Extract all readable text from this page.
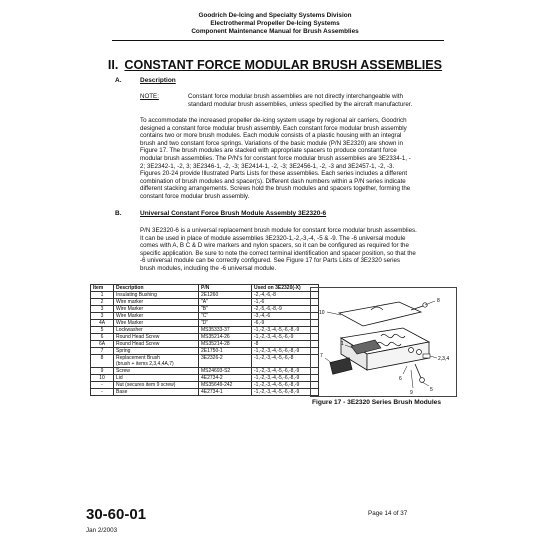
Goodrich De-Icing and Specialty Systems Division
Electrothermal Propeller De-Icing Systems
Component Maintenance Manual for Brush Assemblies
II. CONSTANT FORCE MODULAR BRUSH ASSEMBLIES
A.	Description
NOTE:	Constant force modular brush assemblies are not directly interchangeable with
standard modular brush assemblies, unless specified by the aircraft manufacturer.
To accommodate the increased propeller de-icing system usage by regional air carriers, Goodrich
designed a constant force modular brush assembly. Each constant force modular brush assembly
contains two or more brush modules. Each module consists of a plastic housing with an integral
brush and two constant force springs. Variations of the basic module (P/N 3E2320) are shown in
Figure 17. The brush modules are stacked with appropriate spacers to produce constant force
modular brush assemblies. The P/N's for constant force modular brush assemblies are 3E2334-1, -
2; 3E2342-1, -2, 3; 3E2346-1, -2, -3; 3E2414-1, -2, -3; 3E2456-1, -2, -3 and 3E2457-1, -2, -3.
Figures 20-24 provide Illustrated Parts Lists for these assemblies. Each series includes a different
combination of brush modules and spacer(s). Different dash numbers within a P/N series indicate
different stacking arrangements. Screws hold the brush modules and spacers together, forming the
constant force modular brush assembly.
B.	Universal Constant Force Brush Module Assembly 3E2320-6
P/N 3E2320-6 is a universal replacement brush module for constant force modular brush assemblies.
It can be used in place of module assemblies 3E2320-1,-2,-3,-4, -5 & -9. The -6 universal module
comes with A, B C & D wire markers and nylon spacers, so it can be configured as required for the
specific application. Be sure to note the correct terminal identification and spacer position, so that the
-6 universal module can be correctly configured. See Figure 17 for Parts Lists of 3E2320 series
brush modules, including the -6 universal module.
Item	Description	P/N	Used on 3E2320(-X)
1	Insulating Bushing	2E1260	-2,-4,-6,-8
2	Wire marker	"A"	-1,-6
3	Wire Marker	"B"	-2,-5,-6,-8,-9
3	Wire Marker	"C"	-3,-4,-6
4A	Wire Marker	"D"	-6,-9
5	Lockwasher	MS35333-37	-1,-2,-3,-4,-5,-6,-8,-9
6	Round Head Screw	MS35214-26	-1,-2,-3,-4,-5,-6,-9
6A	Round Head Screw	MS35214-28	-8
7	Spring	2E1750-1	-1,-2,-3,-4,-5,-6,-8,-9
8	Replacement Brush
(brush + items 2,3,4,4A,7)	3E2326-2	-1,-2,-3,-4,-5,-6,-8
9	Screw	MS24693-S2	-1,-2,-3,-4,-5,-6,-8,-9
10	Lid	4E2734-2	-1,-2,-3,-4,-5,-6,-8,-9
-	Nut (secures item 9 screw)	MS35649-242	-1,-2,-3,-4,-5,-6,-8,-9
-	Base	4E2734-1	-1,-2,-3,-4,-5,-6,-8,-9
8
10
1
2,3,4
6
5
7
9
Figure 17 - 3E2320 Series Brush Modules
30-60-01
Jan 2/2003
Page 14 of 37
